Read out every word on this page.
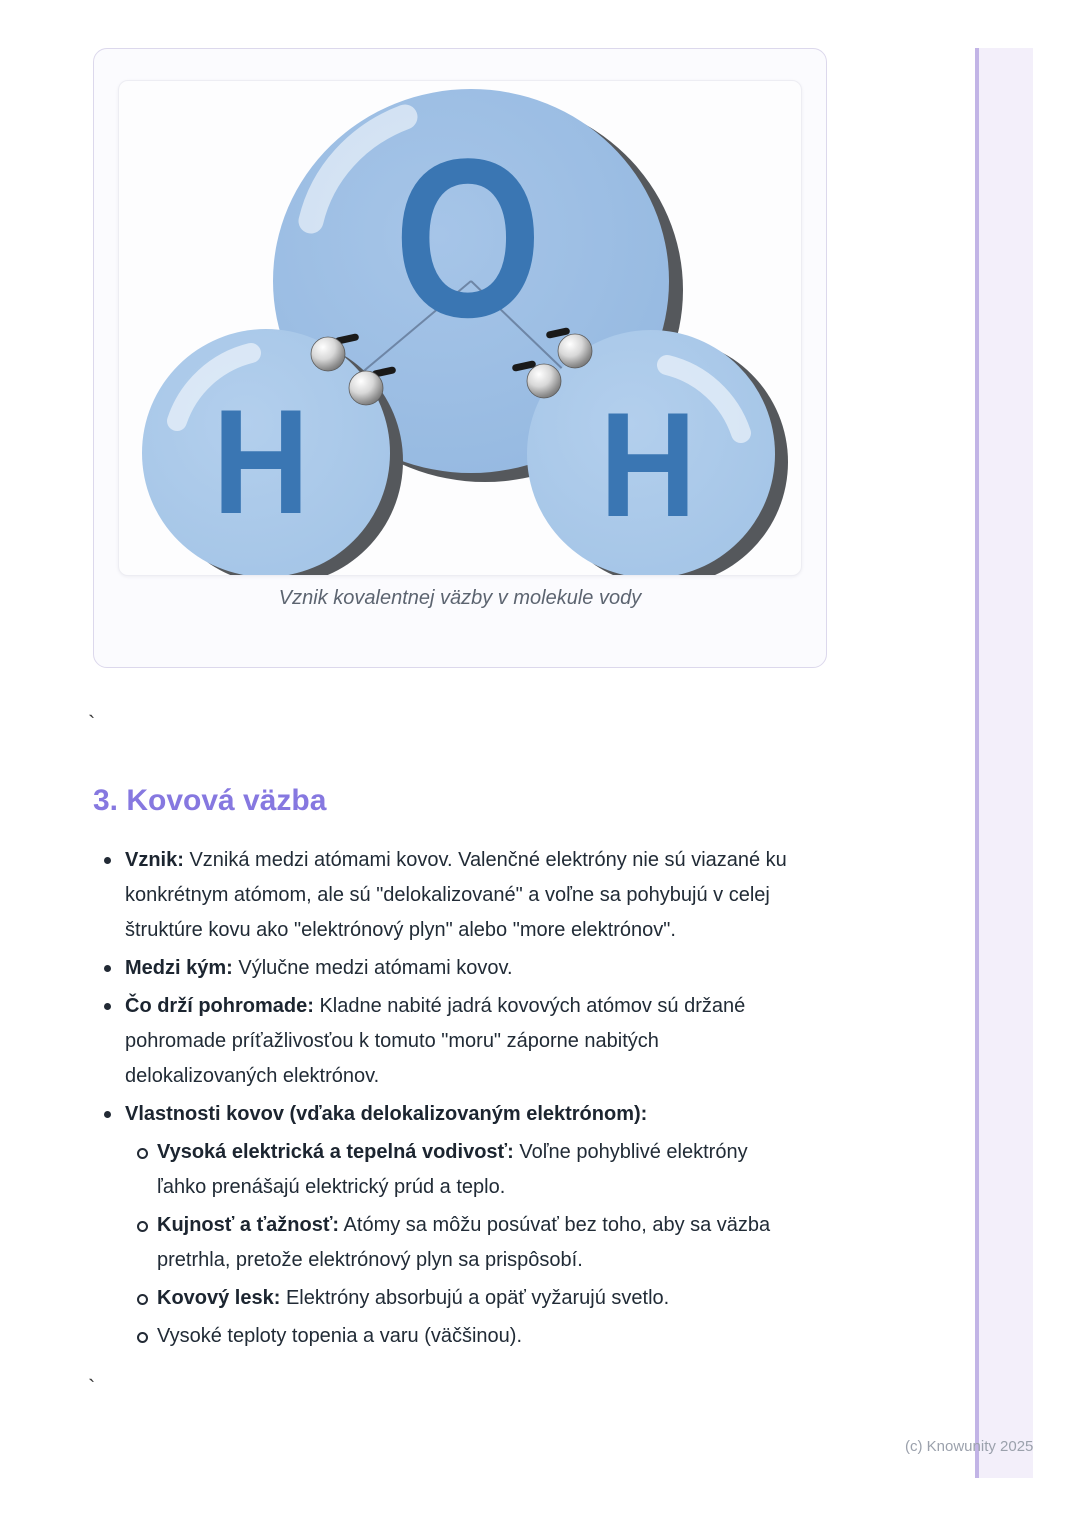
O
H H

Vznik kovalentnej väzby v molekule vody

`
3. Kovová väzba

Vznik: Vzniká medzi atómami kovov. Valenčné elektróny nie sú viazané ku konkrétnym atómom, ale sú "delokalizované" a voľne sa pohybujú v celej štruktúre kovu ako "elektrónový plyn" alebo "more elektrónov".

Medzi kým: Výlučne medzi atómami kovov.

Čo drží pohromade: Kladne nabité jadrá kovových atómov sú držané pohromade príťažlivosťou k tomuto "moru" záporne nabitých delokalizovaných elektrónov.

Vlastnosti kovov (vďaka delokalizovaným elektrónom):

Vysoká elektrická a tepelná vodivosť: Voľne pohyblivé elektróny ľahko prenášajú elektrický prúd a teplo.

Kujnosť a ťažnosť: Atómy sa môžu posúvať bez toho, aby sa väzba pretrhla, pretože elektrónový plyn sa prispôsobí.

Kovový lesk: Elektróny absorbujú a opäť vyžarujú svetlo.

Vysoké teploty topenia a varu (väčšinou).

`
(c) Knowunity 2025
